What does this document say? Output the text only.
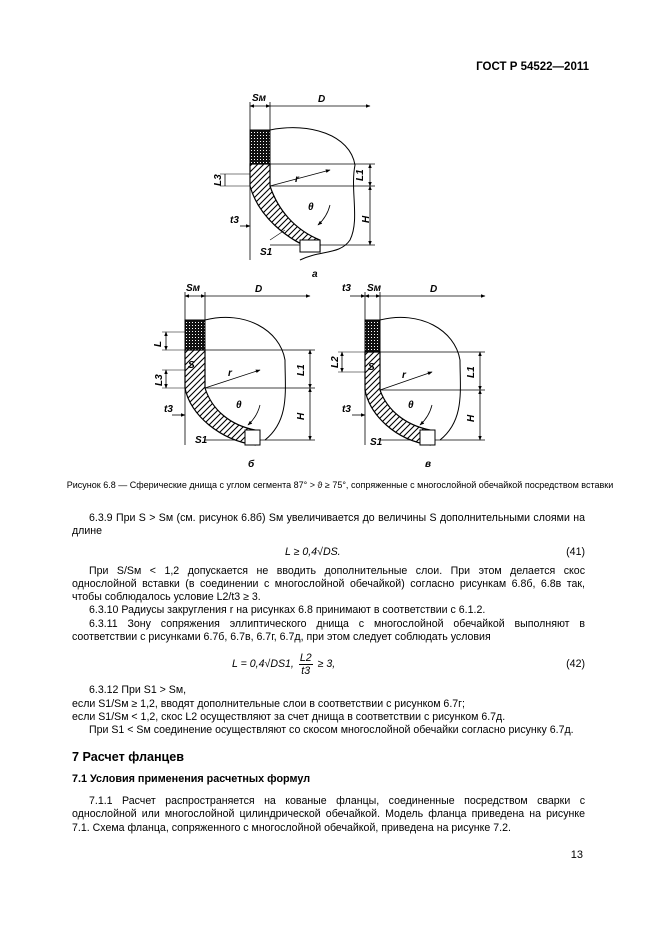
ГОСТ Р 54522—2011
Sм	D
L3	L1
t3
r
θ
H
S1
а
Sм	D
L
L3
S	L1
r
θ
H
t3
S1
б
t3 Sм	D
L2	S	L1
r
θ
H
t3
S1
в
Рисунок 6.8 — Сферические днища с углом сегмента 87° > ϑ ≥ 75°, сопряженные с многослойной обечайкой посредством вставки
6.3.9 При S > Sм (см. рисунок 6.8б) Sм увеличивается до величины S дополнительными слоями на длине
L ≥ 0,4√DS.	(41)
При S/Sм < 1,2 допускается не вводить дополнительные слои. При этом делается скос однослойной вставки (в соединении с многослойной обечайкой) согласно рисункам 6.8б, 6.8в так, чтобы соблюдалось условие L2/t3 ≥ 3.
6.3.10 Радиусы закругления r на рисунках 6.8 принимают в соответствии с 6.1.2.
6.3.11 Зону сопряжения эллиптического днища с многослойной обечайкой выполняют в соответствии с рисунками 6.7б, 6.7в, 6.7г, 6.7д, при этом следует соблюдать условия
L = 0,4√DS1, $\frac{L2}{t3} \ge 3$,	(42)
6.3.12 При S1 > Sм,
если S1/Sм ≥ 1,2, вводят дополнительные слои в соответствии с рисунком 6.7г;
если S1/Sм < 1,2, скос L2 осуществляют за счет днища в соответствии с рисунком 6.7д.
При S1 < Sм соединение осуществляют со скосом многослойной обечайки согласно рисунку 6.7д.
7 Расчет фланцев
7.1 Условия применения расчетных формул
7.1.1 Расчет распространяется на кованые фланцы, соединенные посредством сварки с однослойной или многослойной цилиндрической обечайкой. Модель фланца приведена на рисунке 7.1. Схема фланца, сопряженного с многослойной обечайкой, приведена на рисунке 7.2.
13
